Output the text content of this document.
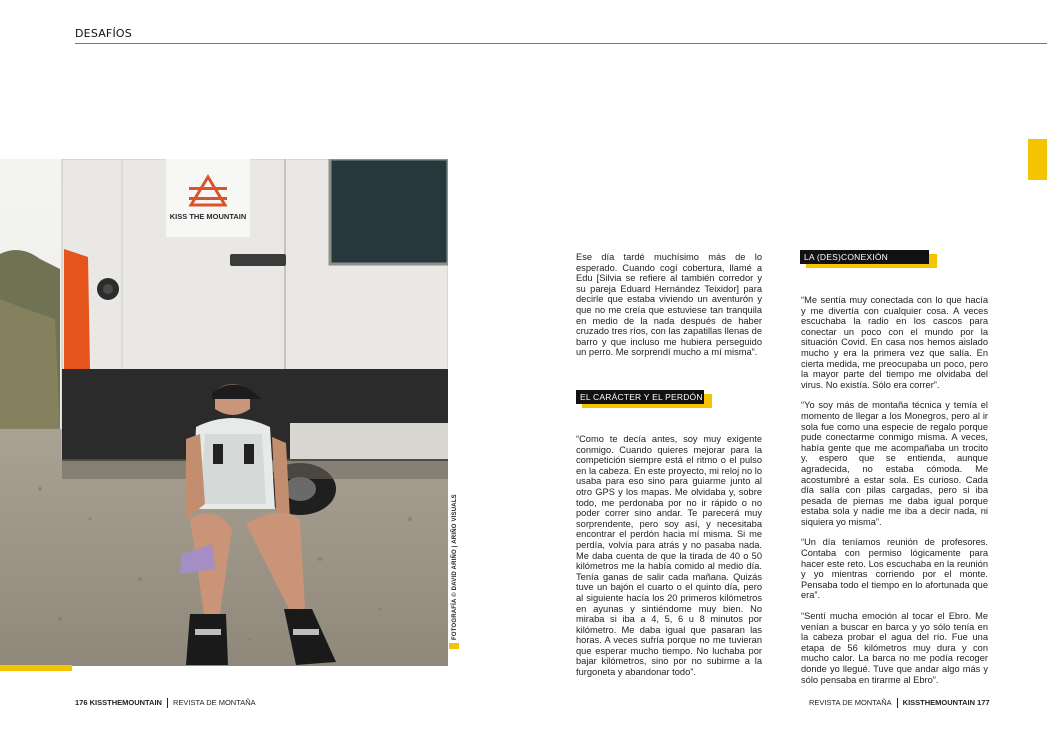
DESAFÍOS
KISS THE MOUNTAIN
FOTOGRAFÍA © DAVID ARIÑO | ARIÑO VISUALS

Ese día tardé muchísimo más de lo esperado. Cuando cogí cobertura, llamé a Edu [Silvia se refiere al también corredor y su pareja Eduard Hernández Teixidor] para decirle que estaba viviendo un aventurón y que no me creía que estuviese tan tranquila en medio de la nada después de haber cruzado tres ríos, con las zapatillas llenas de barro y que incluso me hubiera perseguido un perro. Me sorprendí mucho a mí misma”.

EL CARÁCTER Y EL PERDÓN

“Como te decía antes, soy muy exigente conmigo. Cuando quieres mejorar para la competición siempre está el ritmo o el pulso en la cabeza. En este proyecto, mi reloj no lo usaba para eso sino para guiarme junto al otro GPS y los mapas. Me olvidaba y, sobre todo, me perdonaba por no ir rápido o no poder correr sino andar. Te parecerá muy sorprendente, pero soy así, y necesitaba encontrar el perdón hacia mí misma. Si me perdía, volvía para atrás y no pasaba nada. Me daba cuenta de que la tirada de 40 o 50 kilómetros me la había comido al medio día. Tenía ganas de salir cada mañana. Quizás tuve un bajón el cuarto o el quinto día, pero al siguiente hacía los 20 primeros kilómetros en ayunas y sintiéndome muy bien. No miraba si iba a 4, 5, 6 u 8 minutos por kilómetro. Me daba igual que pasaran las horas. A veces sufría porque no me tuvieran que esperar mucho tiempo. No luchaba por bajar kilómetros, sino por no subirme a la furgoneta y abandonar todo”.

LA (DES)CONEXIÓN

“Me sentía muy conectada con lo que hacía y me divertía con cualquier cosa. A veces escuchaba la radio en los cascos para conectar un poco con el mundo por la situación Covid. En casa nos hemos aislado mucho y era la primera vez que salía. En cierta medida, me preocupaba un poco, pero la mayor parte del tiempo me olvidaba del virus. No existía. Sólo era correr”.

“Yo soy más de montaña técnica y temía el momento de llegar a los Monegros, pero al ir sola fue como una especie de regalo porque pude conectarme conmigo misma. A veces, había gente que me acompañaba un trocito y, espero que se entienda, aunque agradecida, no estaba cómoda. Me acostumbré a estar sola. Es curioso. Cada día salía con pilas cargadas, pero si iba pesada de piernas me daba igual porque estaba sola y nadie me iba a decir nada, ni siquiera yo misma”.

“Un día teníamos reunión de profesores. Contaba con permiso lógicamente para hacer este reto. Los escuchaba en la reunión y yo mientras corriendo por el monte. Pensaba todo el tiempo en lo afortunada que era”.

“Sentí mucha emoción al tocar el Ebro. Me venían a buscar en barca y yo sólo tenía en la cabeza probar el agua del río. Fue una etapa de 56 kilómetros muy dura y con mucho calor. La barca no me podía recoger donde yo llegué. Tuve que andar algo más y sólo pensaba en tirarme al Ebro”.

176 KISSTHEMOUNTAIN REVISTA DE MONTAÑA	REVISTA DE MONTAÑA KISSTHEMOUNTAIN 177
